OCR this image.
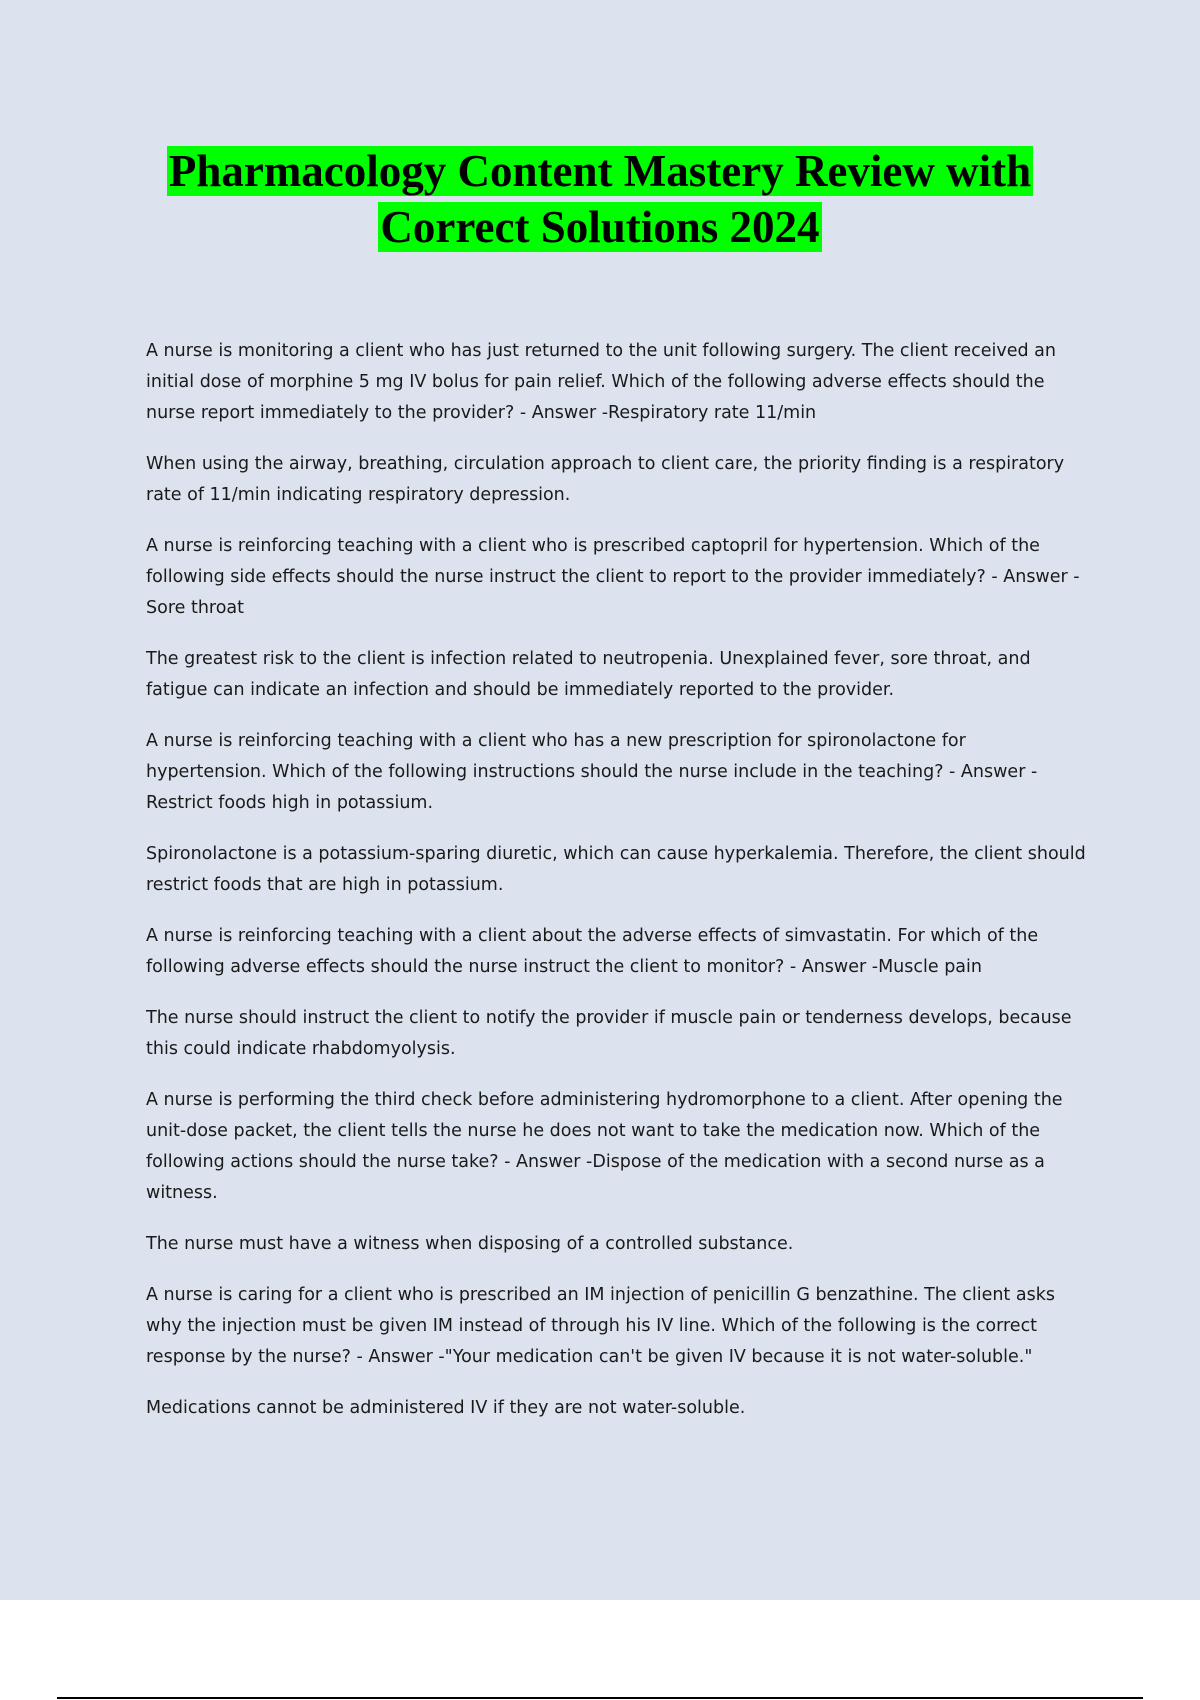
Pharmacology Content Mastery Review with
Correct Solutions 2024

A nurse is monitoring a client who has just returned to the unit following surgery. The client received an initial dose of morphine 5 mg IV bolus for pain relief. Which of the following adverse effects should the nurse report immediately to the provider? - Answer -Respiratory rate 11/min

When using the airway, breathing, circulation approach to client care, the priority finding is a respiratory rate of 11/min indicating respiratory depression.

A nurse is reinforcing teaching with a client who is prescribed captopril for hypertension. Which of the following side effects should the nurse instruct the client to report to the provider immediately? - Answer -Sore throat

The greatest risk to the client is infection related to neutropenia. Unexplained fever, sore throat, and fatigue can indicate an infection and should be immediately reported to the provider.

A nurse is reinforcing teaching with a client who has a new prescription for spironolactone for hypertension. Which of the following instructions should the nurse include in the teaching? - Answer -Restrict foods high in potassium.

Spironolactone is a potassium-sparing diuretic, which can cause hyperkalemia. Therefore, the client should restrict foods that are high in potassium.

A nurse is reinforcing teaching with a client about the adverse effects of simvastatin. For which of the following adverse effects should the nurse instruct the client to monitor? - Answer -Muscle pain

The nurse should instruct the client to notify the provider if muscle pain or tenderness develops, because this could indicate rhabdomyolysis.

A nurse is performing the third check before administering hydromorphone to a client. After opening the unit-dose packet, the client tells the nurse he does not want to take the medication now. Which of the following actions should the nurse take? - Answer -Dispose of the medication with a second nurse as a witness.

The nurse must have a witness when disposing of a controlled substance.

A nurse is caring for a client who is prescribed an IM injection of penicillin G benzathine. The client asks why the injection must be given IM instead of through his IV line. Which of the following is the correct response by the nurse? - Answer -"Your medication can't be given IV because it is not water-soluble."

Medications cannot be administered IV if they are not water-soluble.
